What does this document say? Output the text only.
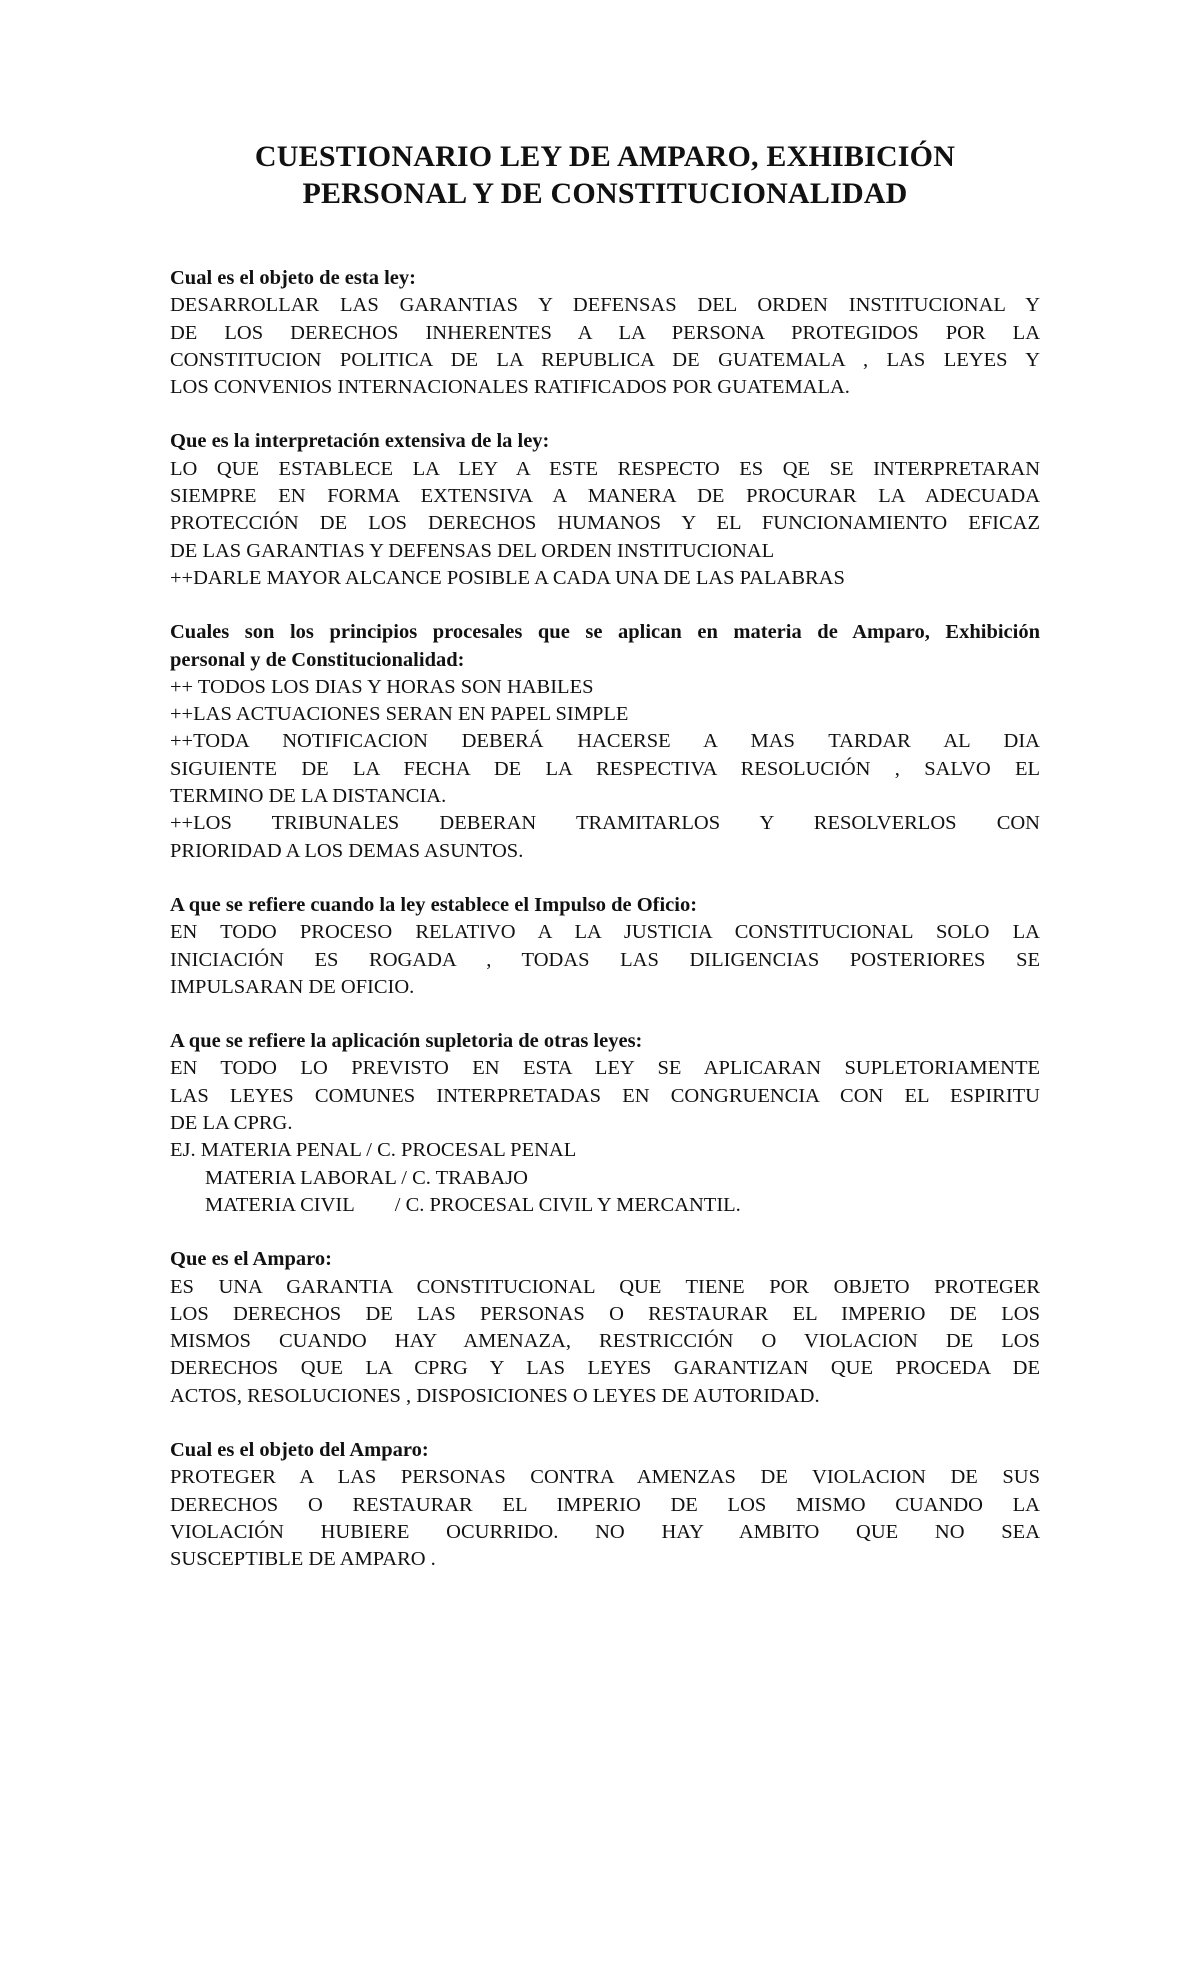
CUESTIONARIO LEY DE AMPARO, EXHIBICIÓN
PERSONAL Y DE CONSTITUCIONALIDAD

Cual es el objeto de esta ley:

DESARROLLAR LAS GARANTIAS Y DEFENSAS DEL ORDEN INSTITUCIONAL Y

DE LOS DERECHOS INHERENTES A LA PERSONA PROTEGIDOS POR LA

CONSTITUCION POLITICA DE LA REPUBLICA DE GUATEMALA , LAS LEYES Y

LOS CONVENIOS INTERNACIONALES RATIFICADOS POR GUATEMALA.

Que es la interpretación extensiva de la ley:

LO QUE ESTABLECE LA LEY A ESTE RESPECTO ES QE SE INTERPRETARAN

SIEMPRE EN FORMA EXTENSIVA A MANERA DE PROCURAR LA ADECUADA

PROTECCIÓN DE LOS DERECHOS HUMANOS Y EL FUNCIONAMIENTO EFICAZ

DE LAS GARANTIAS Y DEFENSAS DEL ORDEN INSTITUCIONAL

++DARLE MAYOR ALCANCE POSIBLE A CADA UNA DE LAS PALABRAS

Cuales son los principios procesales que se aplican en materia de Amparo, Exhibición

personal y de Constitucionalidad:

++ TODOS LOS DIAS Y HORAS SON HABILES

++LAS ACTUACIONES SERAN EN PAPEL SIMPLE

++TODA NOTIFICACION DEBERÁ HACERSE A MAS TARDAR AL DIA

SIGUIENTE DE LA FECHA DE LA RESPECTIVA RESOLUCIÓN , SALVO EL

TERMINO DE LA DISTANCIA.

++LOS TRIBUNALES DEBERAN TRAMITARLOS Y RESOLVERLOS CON

PRIORIDAD A LOS DEMAS ASUNTOS.

A que se refiere cuando la ley establece el Impulso de Oficio:

EN TODO PROCESO RELATIVO A LA JUSTICIA CONSTITUCIONAL SOLO LA

INICIACIÓN ES ROGADA , TODAS LAS DILIGENCIAS POSTERIORES SE

IMPULSARAN DE OFICIO.

A que se refiere la aplicación supletoria de otras leyes:

EN TODO LO PREVISTO EN ESTA LEY SE APLICARAN SUPLETORIAMENTE

LAS LEYES COMUNES INTERPRETADAS EN CONGRUENCIA CON EL ESPIRITU

DE LA CPRG.

EJ. MATERIA PENAL / C. PROCESAL PENAL

MATERIA LABORAL / C. TRABAJO

MATERIA CIVIL / C. PROCESAL CIVIL Y MERCANTIL.

Que es el Amparo:

ES UNA GARANTIA CONSTITUCIONAL QUE TIENE POR OBJETO PROTEGER

LOS DERECHOS DE LAS PERSONAS O RESTAURAR EL IMPERIO DE LOS

MISMOS CUANDO HAY AMENAZA, RESTRICCIÓN O VIOLACION DE LOS

DERECHOS QUE LA CPRG Y LAS LEYES GARANTIZAN QUE PROCEDA DE

ACTOS, RESOLUCIONES , DISPOSICIONES O LEYES DE AUTORIDAD.

Cual es el objeto del Amparo:

PROTEGER A LAS PERSONAS CONTRA AMENZAS DE VIOLACION DE SUS

DERECHOS O RESTAURAR EL IMPERIO DE LOS MISMO CUANDO LA

VIOLACIÓN HUBIERE OCURRIDO. NO HAY AMBITO QUE NO SEA

SUSCEPTIBLE DE AMPARO .
